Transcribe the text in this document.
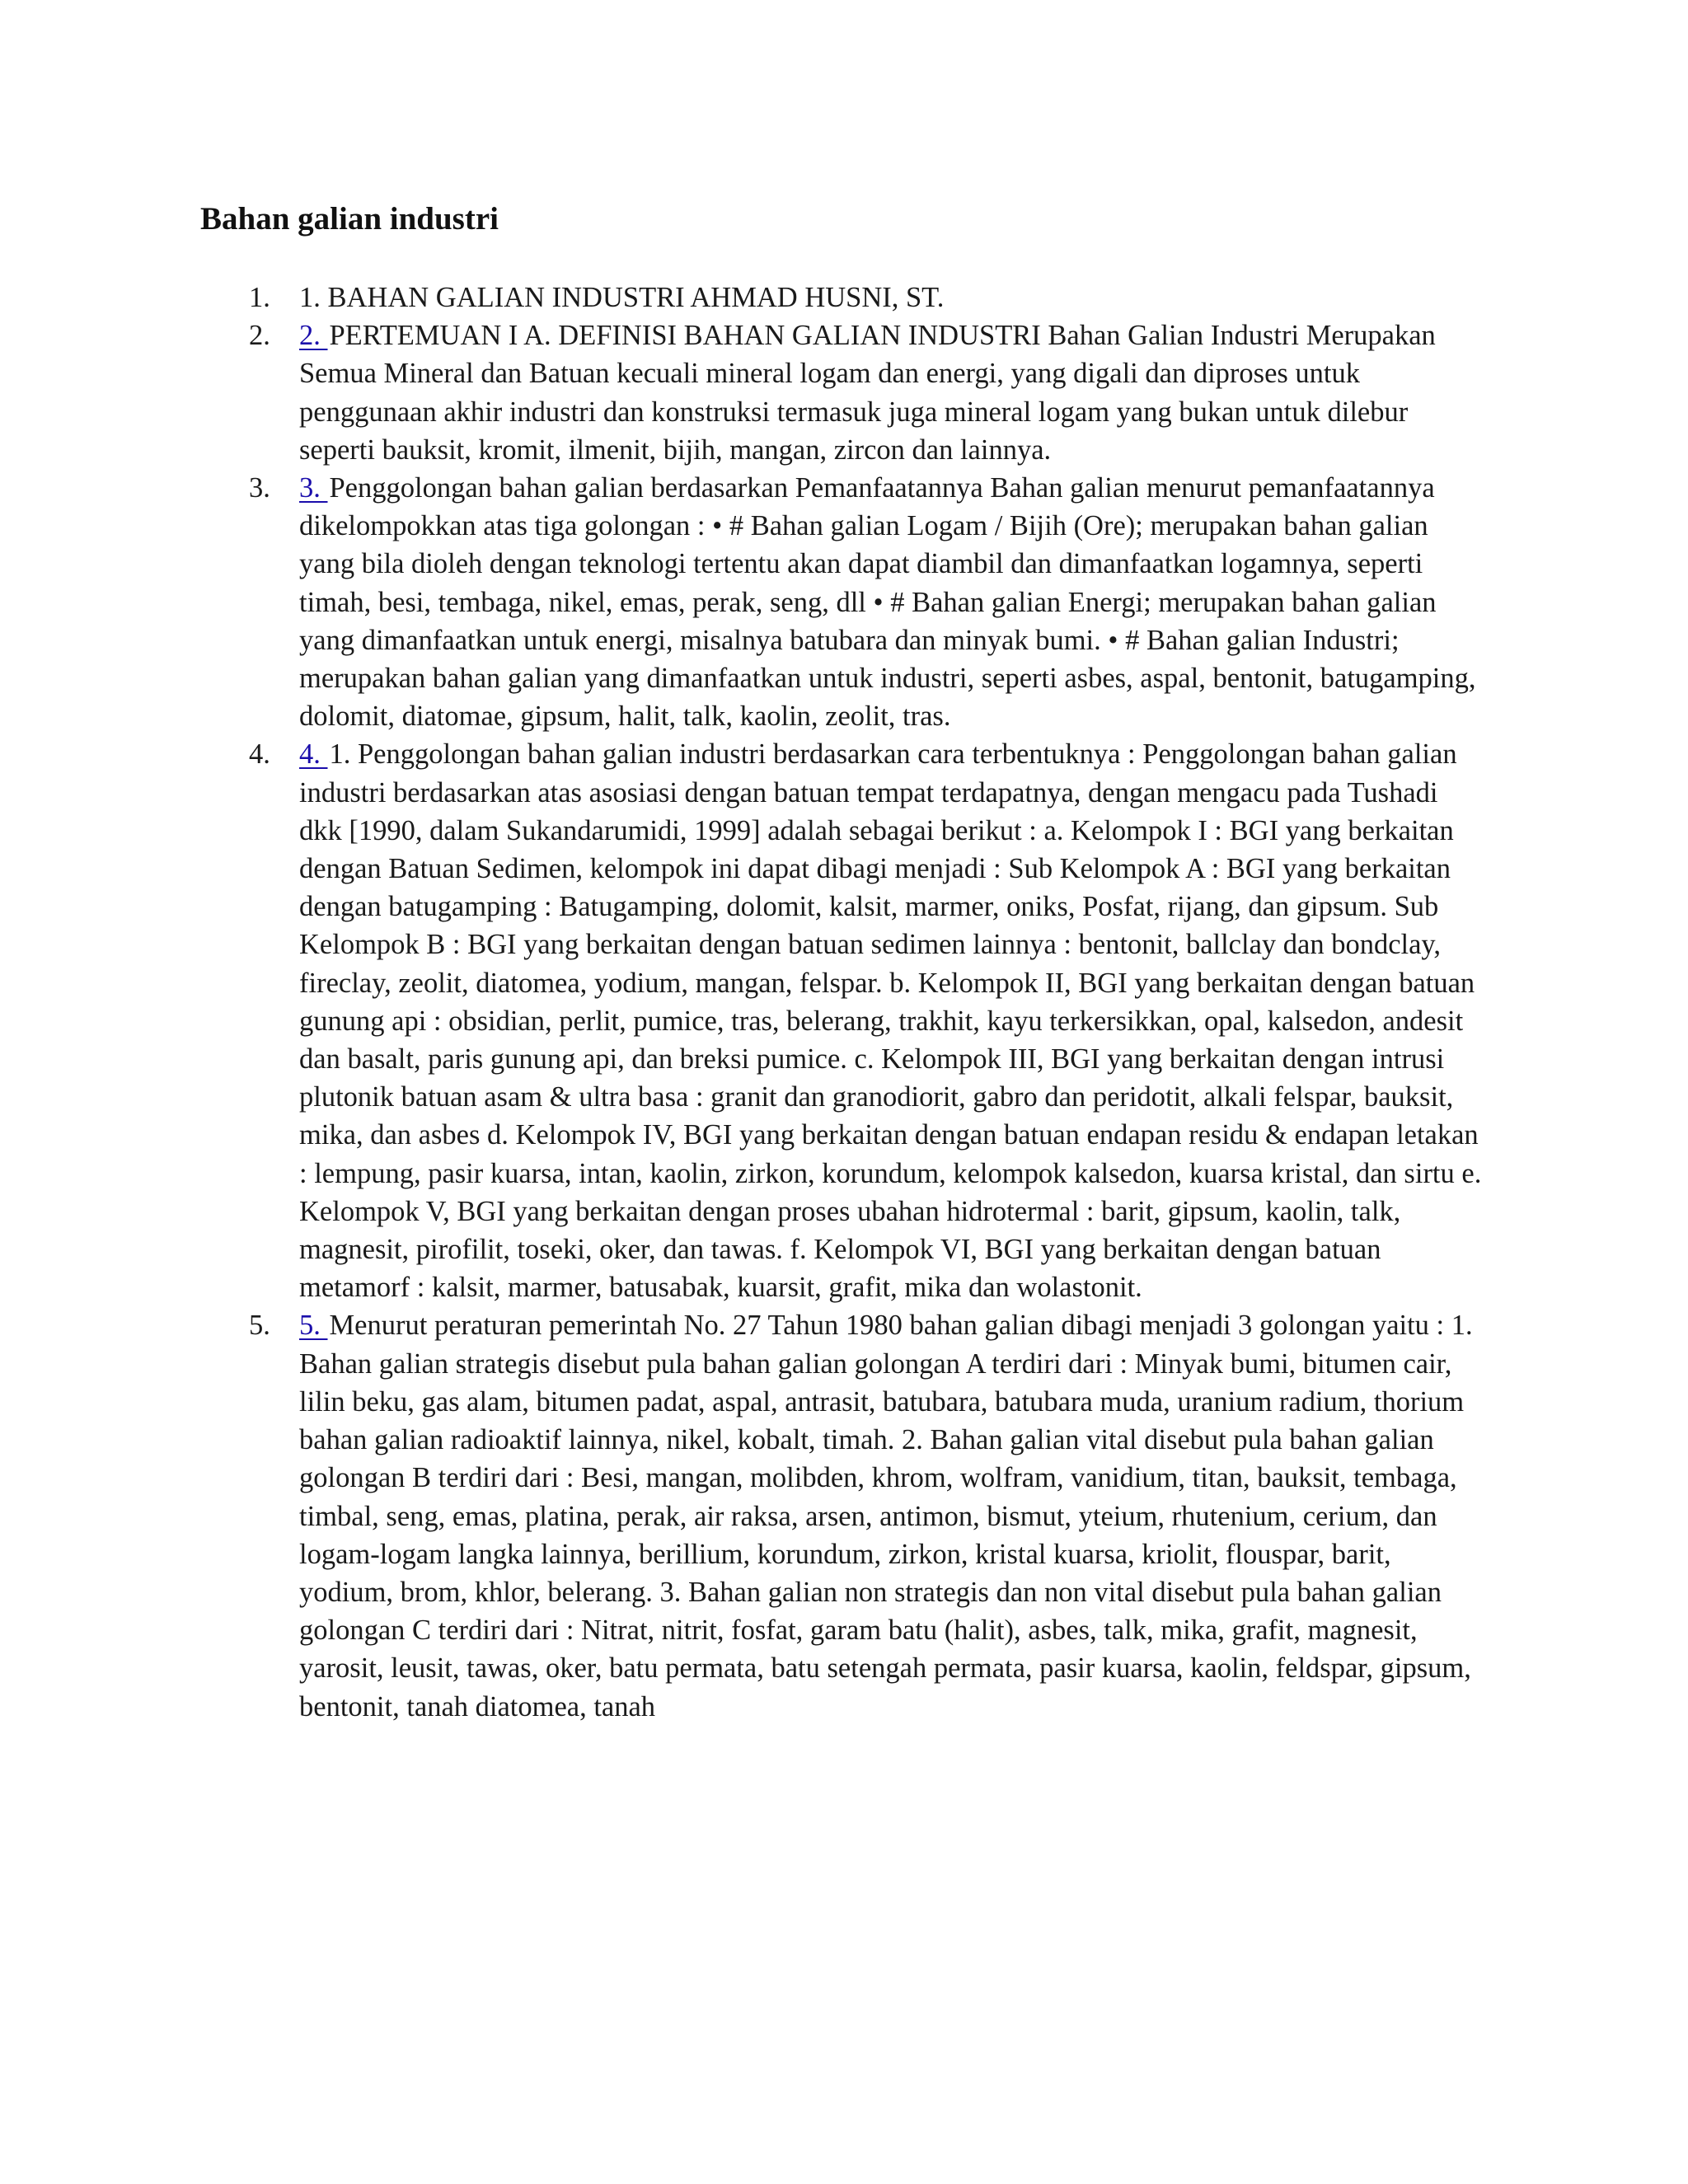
Bahan galian industri
1.	1. BAHAN GALIAN INDUSTRI AHMAD HUSNI, ST.
2.	2. PERTEMUAN I A. DEFINISI BAHAN GALIAN INDUSTRI Bahan Galian Industri Merupakan Semua Mineral dan Batuan kecuali mineral logam dan energi, yang digali dan diproses untuk penggunaan akhir industri dan konstruksi termasuk juga mineral logam yang bukan untuk dilebur seperti bauksit, kromit, ilmenit, bijih, mangan, zircon dan lainnya.
3.	3. Penggolongan bahan galian berdasarkan Pemanfaatannya Bahan galian menurut pemanfaatannya dikelompokkan atas tiga golongan : • # Bahan galian Logam / Bijih (Ore); merupakan bahan galian yang bila dioleh dengan teknologi tertentu akan dapat diambil dan dimanfaatkan logamnya, seperti timah, besi, tembaga, nikel, emas, perak, seng, dll • # Bahan galian Energi; merupakan bahan galian yang dimanfaatkan untuk energi, misalnya batubara dan minyak bumi. • # Bahan galian Industri; merupakan bahan galian yang dimanfaatkan untuk industri, seperti asbes, aspal, bentonit, batugamping, dolomit, diatomae, gipsum, halit, talk, kaolin, zeolit, tras.
4.	4. 1. Penggolongan bahan galian industri berdasarkan cara terbentuknya : Penggolongan bahan galian industri berdasarkan atas asosiasi dengan batuan tempat terdapatnya, dengan mengacu pada Tushadi dkk [1990, dalam Sukandarumidi, 1999] adalah sebagai berikut : a. Kelompok I : BGI yang berkaitan dengan Batuan Sedimen, kelompok ini dapat dibagi menjadi : Sub Kelompok A : BGI yang berkaitan dengan batugamping : Batugamping, dolomit, kalsit, marmer, oniks, Posfat, rijang, dan gipsum. Sub Kelompok B : BGI yang berkaitan dengan batuan sedimen lainnya : bentonit, ballclay dan bondclay, fireclay, zeolit, diatomea, yodium, mangan, felspar. b. Kelompok II, BGI yang berkaitan dengan batuan gunung api : obsidian, perlit, pumice, tras, belerang, trakhit, kayu terkersikkan, opal, kalsedon, andesit dan basalt, paris gunung api, dan breksi pumice. c. Kelompok III, BGI yang berkaitan dengan intrusi plutonik batuan asam & ultra basa : granit dan granodiorit, gabro dan peridotit, alkali felspar, bauksit, mika, dan asbes d. Kelompok IV, BGI yang berkaitan dengan batuan endapan residu & endapan letakan : lempung, pasir kuarsa, intan, kaolin, zirkon, korundum, kelompok kalsedon, kuarsa kristal, dan sirtu e. Kelompok V, BGI yang berkaitan dengan proses ubahan hidrotermal : barit, gipsum, kaolin, talk, magnesit, pirofilit, toseki, oker, dan tawas. f. Kelompok VI, BGI yang berkaitan dengan batuan metamorf : kalsit, marmer, batusabak, kuarsit, grafit, mika dan wolastonit.
5.	5. Menurut peraturan pemerintah No. 27 Tahun 1980 bahan galian dibagi menjadi 3 golongan yaitu : 1. Bahan galian strategis disebut pula bahan galian golongan A terdiri dari : Minyak bumi, bitumen cair, lilin beku, gas alam, bitumen padat, aspal, antrasit, batubara, batubara muda, uranium radium, thorium bahan galian radioaktif lainnya, nikel, kobalt, timah. 2. Bahan galian vital disebut pula bahan galian golongan B terdiri dari : Besi, mangan, molibden, khrom, wolfram, vanidium, titan, bauksit, tembaga, timbal, seng, emas, platina, perak, air raksa, arsen, antimon, bismut, yteium, rhutenium, cerium, dan logam-logam langka lainnya, berillium, korundum, zirkon, kristal kuarsa, kriolit, flouspar, barit, yodium, brom, khlor, belerang. 3. Bahan galian non strategis dan non vital disebut pula bahan galian golongan C terdiri dari : Nitrat, nitrit, fosfat, garam batu (halit), asbes, talk, mika, grafit, magnesit, yarosit, leusit, tawas, oker, batu permata, batu setengah permata, pasir kuarsa, kaolin, feldspar, gipsum, bentonit, tanah diatomea, tanah
